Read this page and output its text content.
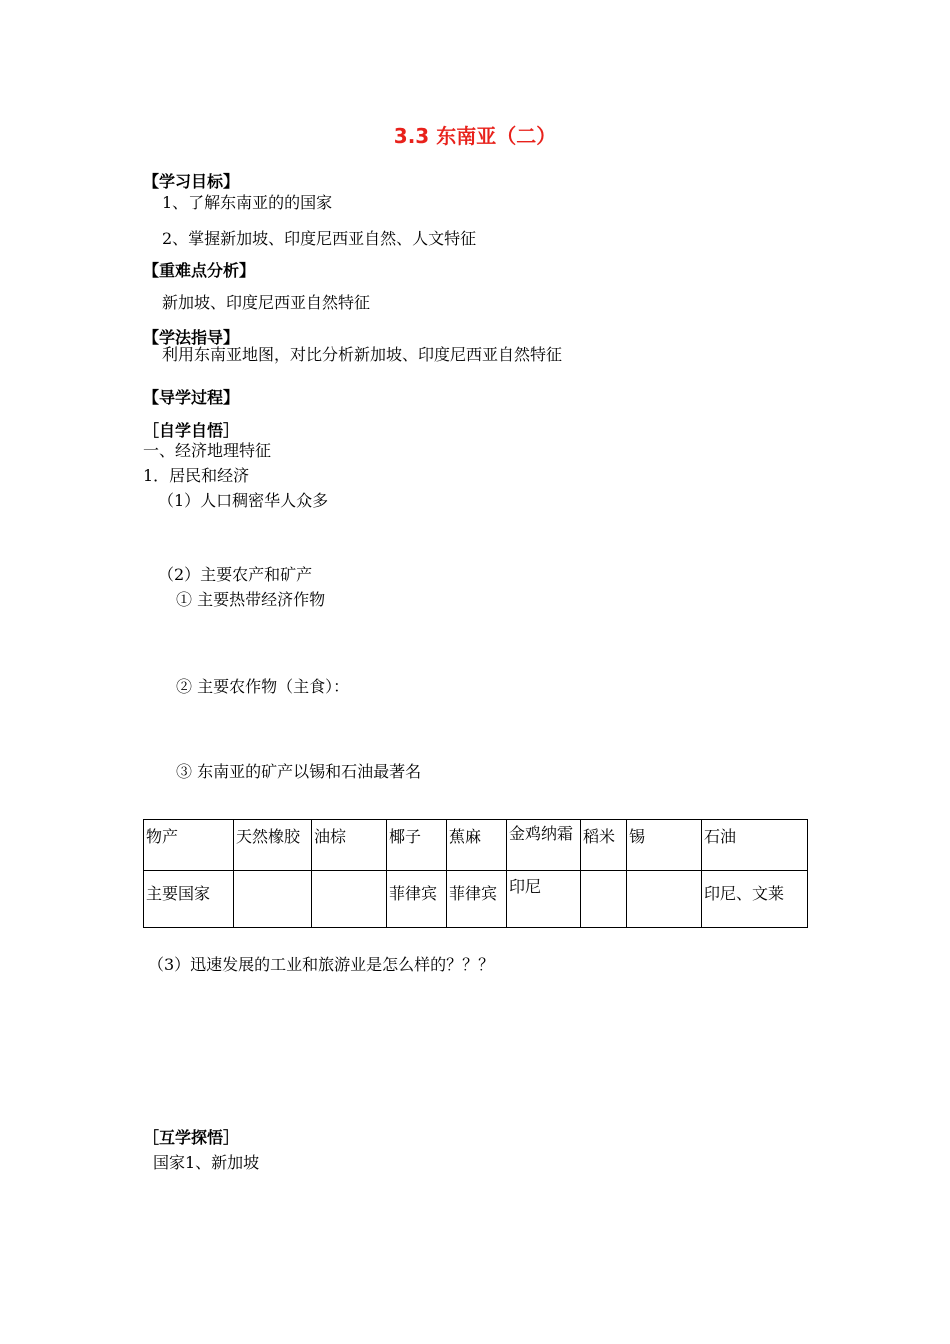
3.3 东南亚（二）
【学习目标】
1、了解东南亚的的国家
2、掌握新加坡、印度尼西亚自然、人文特征
【重难点分析】
新加坡、印度尼西亚自然特征
【学法指导】
利用东南亚地图，对比分析新加坡、印度尼西亚自然特征
【导学过程】
［自学自悟］
一、经济地理特征
1．居民和经济
（1）人口稠密华人众多
（2）主要农产和矿产
① 主要热带经济作物
② 主要农作物（主食）：
③ 东南亚的矿产以锡和石油最著名
物产	天然橡胶	油棕	椰子	蕉麻	金鸡纳霜	稻米	锡	石油
主要国家			菲律宾	菲律宾	印尼			印尼、文莱
（3）迅速发展的工业和旅游业是怎么样的？？？
［互学探悟］
国家1、新加坡
